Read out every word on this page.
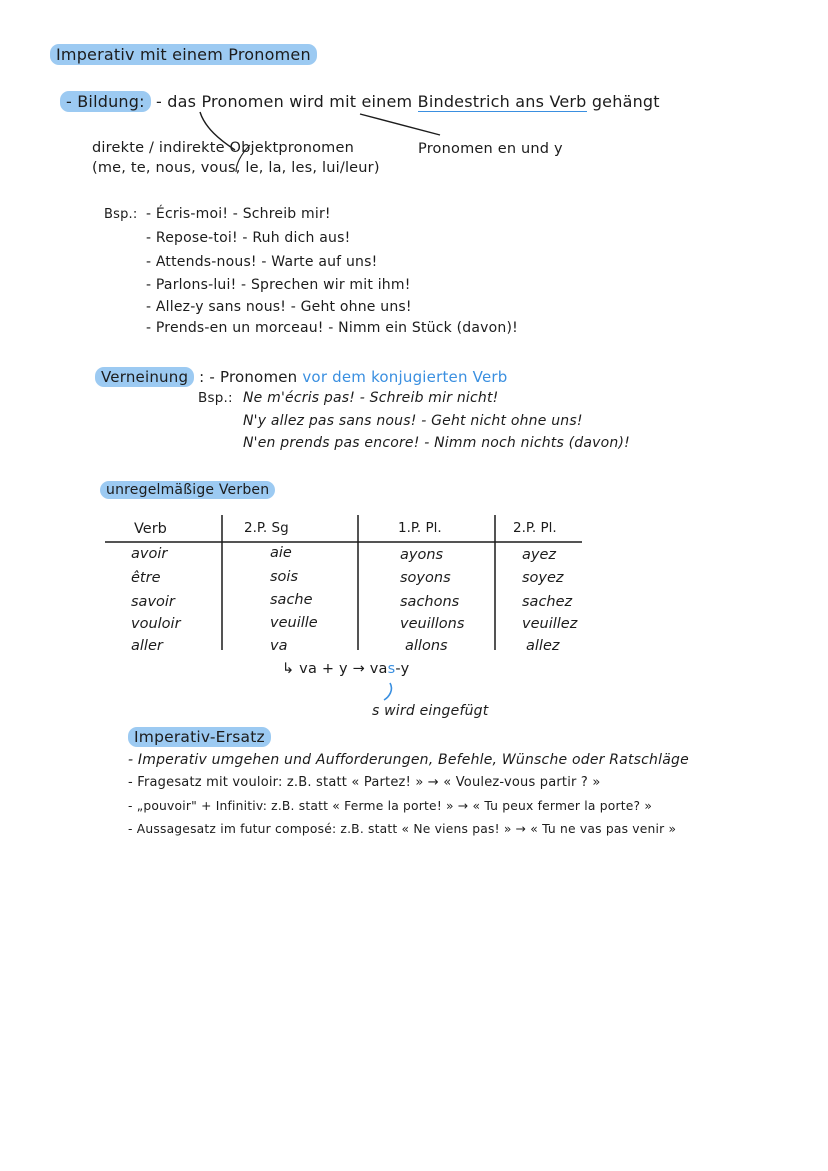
Imperativ mit einem Pronomen
- Bildung: - das Pronomen wird mit einem Bindestrich ans Verb gehängt
direkte / indirekte Objektpronomen
(me, te, nous, vous, le, la, les, lui/leur)
Pronomen en und y
Bsp.: - Écris-moi! - Schreib mir!
- Repose-toi! - Ruh dich aus!
- Attends-nous! - Warte auf uns!
- Parlons-lui! - Sprechen wir mit ihm!
- Allez-y sans nous! - Geht ohne uns!
- Prends-en un morceau! - Nimm ein Stück (davon)!
Verneinung : - Pronomen vor dem konjugierten Verb
Bsp.: Ne m'écris pas! - Schreib mir nicht!
N'y allez pas sans nous! - Geht nicht ohne uns!
N'en prends pas encore! - Nimm noch nichts (davon)!
unregelmäßige Verben
Verb	2.P. Sg	1.P. Pl.	2.P. Pl.
avoir	aie	ayons	ayez
être	sois	soyons	soyez
savoir	sache	sachons	sachez
vouloir	veuille	veuillons	veuillez
aller	va	allons	allez
↳ va + y → vas-y
s wird eingefügt
Imperativ-Ersatz
- Imperativ umgehen und Aufforderungen, Befehle, Wünsche oder Ratschläge
- Fragesatz mit vouloir: z.B. statt « Partez! » → « Voulez-vous partir ? »
- „pouvoir" + Infinitiv: z.B. statt « Ferme la porte! » → « Tu peux fermer la porte? »
- Aussagesatz im futur composé: z.B. statt « Ne viens pas! » → « Tu ne vas pas venir »
